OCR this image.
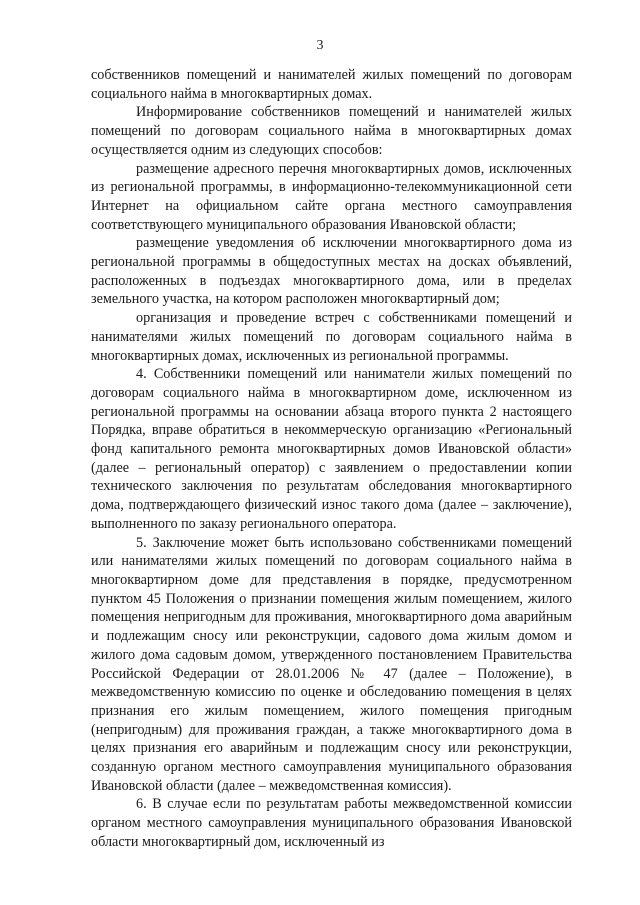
3

собственников помещений и нанимателей жилых помещений по договорам социального найма в многоквартирных домах.

Информирование собственников помещений и нанимателей жилых помещений по договорам социального найма в многоквартирных домах осуществляется одним из следующих способов:

размещение адресного перечня многоквартирных домов, исключенных из региональной программы, в информационно-телекоммуникационной сети Интернет на официальном сайте органа местного самоуправления соответствующего муниципального образования Ивановской области;

размещение уведомления об исключении многоквартирного дома из региональной программы в общедоступных местах на досках объявлений, расположенных в подъездах многоквартирного дома, или в пределах земельного участка, на котором расположен многоквартирный дом;

организация и проведение встреч с собственниками помещений и нанимателями жилых помещений по договорам социального найма в многоквартирных домах, исключенных из региональной программы.

4. Собственники помещений или наниматели жилых помещений по договорам социального найма в многоквартирном доме, исключенном из региональной программы на основании абзаца второго пункта 2 настоящего Порядка, вправе обратиться в некоммерческую организацию «Региональный фонд капитального ремонта многоквартирных домов Ивановской области» (далее – региональный оператор) с заявлением о предоставлении копии технического заключения по результатам обследования многоквартирного дома, подтверждающего физический износ такого дома (далее – заключение), выполненного по заказу регионального оператора.

5. Заключение может быть использовано собственниками помещений или нанимателями жилых помещений по договорам социального найма в многоквартирном доме для представления в порядке, предусмотренном пунктом 45 Положения о признании помещения жилым помещением, жилого помещения непригодным для проживания, многоквартирного дома аварийным и подлежащим сносу или реконструкции, садового дома жилым домом и жилого дома садовым домом, утвержденного постановлением Правительства Российской Федерации от 28.01.2006 № 47 (далее – Положение), в межведомственную комиссию по оценке и обследованию помещения в целях признания его жилым помещением, жилого помещения пригодным (непригодным) для проживания граждан, а также многоквартирного дома в целях признания его аварийным и подлежащим сносу или реконструкции, созданную органом местного самоуправления муниципального образования Ивановской области (далее – межведомственная комиссия).

6. В случае если по результатам работы межведомственной комиссии органом местного самоуправления муниципального образования Ивановской области многоквартирный дом, исключенный из
